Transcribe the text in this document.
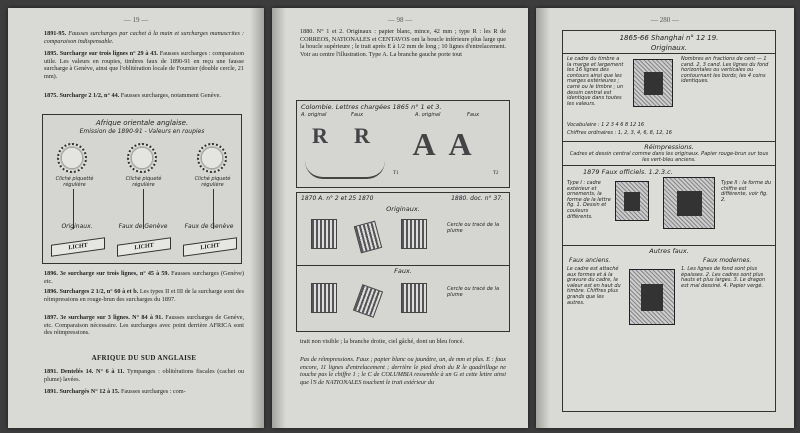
— 19 —
1891-95. Fausses surcharges par cachet à la main et surcharges manuscrites : comparaison indispensable.
1895. Surcharge sur trois lignes n° 29 à 43. Fausses surcharges : comparaison utile. Les valeurs en roupies, timbres faux de 1890-91 en reçu une fausse surcharge à Genève, ainsi que l'oblitération locale de Fournier (double cercle, 21 mm).
1875. Surcharge 2 1/2, n° 44. Fausses surcharges, notamment Genève.
Afrique orientale anglaise.
Emission de 1890-91 - Valeurs en roupies
Cliché piquetté régulière
Cliché piqueté régulière
Cliché piqueté régulière
Originaux.	Faux de Genève	Faux de Genève
LICHT	LICHT	LICHT
1896. 3e surcharge sur trois lignes, n° 45 à 59. Fausses surcharges (Genève) etc.
1896. Surcharges 2 1/2, n° 60 à et b. Les types II et III de la surcharge sont des réimpressions en rouge-brun des surcharges du 1897.
1897. 3e surcharge sur 3 lignes. N° 84 à 91. Fausses surcharges de Genève, etc. Comparaison nécessaire. Les surcharges avec point derrière AFRICA sont des réimpressions.
AFRIQUE DU SUD ANGLAISE
1891. Dentelés 14. N° 6 à 11. Tympanges : oblitérations fiscales (cachet ou plume) lavées.
1891. Surchargés N° 12 à 15. Fausses surcharges : com-
— 98 —
1880. N° 1 et 2. Originaux : papier blanc, mince, 42 mm ; type R : les R de CORREOS, NATIONALES et CENTAVOS ont la boucle inférieure plus large que la boucle supérieure ; le trait après E à 1/2 mm de long ; 10 lignes d'entrelacement. Voir au centre l'illustration. Type A. La branche gauche porte tout
Colombie. Lettres chargées 1865 n° 1 et 3.
A. original	Faux	A. original	Faux
R	R A A
T1	T2
1870 A. n° 2 et 25 1870	1880. doc. n° 37.
Originaux.
Faux.
Cercle ou tracé de la plume
Cercle ou tracé de la plume
trait non visible ; la branche droite, ciel gâché, dont un bleu foncé.
Pas de réimpressions. Faux ; papier blanc ou jaunâtre, un, de mm et plus. E : faux encore, 11 lignes d'entrelacement ; derrière le pied droit du R le quadrillage ne touche pas le chiffre 1 ; le C de COLUMBIA ressemble à un G et cette lettre ainsi que l'S de NATIONALES touchent le trait extérieur du
— 280 —
1865-66 Shanghai n° 12 19.
Originaux.
Le cadre du timbre a la marge et largement les 16 lignes des contours ainsi que les marges extérieures ; carré ou le timbre ; un dessin central est identique dans toutes les valeurs.
Nombres en fractions de cent — 1 cand. 2, 3 cand. Les lignes du fond horizontales ou verticales ou contournant les bords; les 4 coins identiques.
Vocabulaire : 1 2 3 4 6 8 12 16
Chiffres ordinaires : 1, 2, 3, 4, 6, 8, 12, 16
Réimpressions.
Cadres et dessin central comme dans les originaux. Papier rouge-brun sur tous les vert-bleu anciens.
1879 Faux officiels. 1.2.3.c.
Type I : cadre extérieur et ornements, la forme de la lettre fig. 1. Dessin et couleurs différents.
Type II : la forme du chiffre est différente, voir fig. 2.
Autres faux.
Faux anciens.
Le cadre est attaché aux formes et à la gravure du cadre, la valeur est en haut du timbre. Chiffres plus grands que les autres.
Faux modernes.
1. Les lignes de fond sont plus épaisses. 2. Les cadres sont plus hauts et plus larges. 3. Le dragon est mal dessiné. 4. Papier vergé.
